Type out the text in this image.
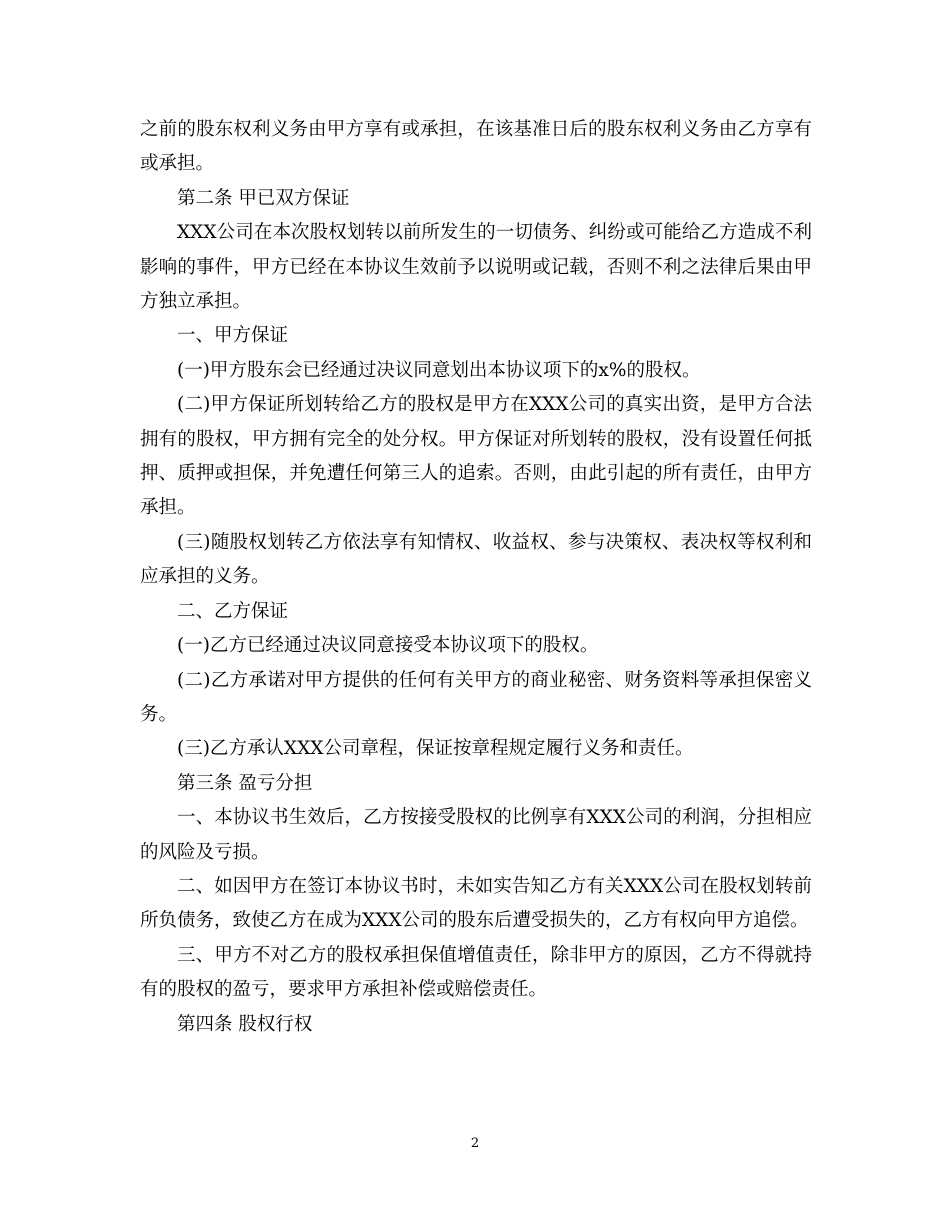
之前的股东权利义务由甲方享有或承担，在该基准日后的股东权利义务由乙方享有或承担。

第二条 甲已双方保证

XXX公司在本次股权划转以前所发生的一切债务、纠纷或可能给乙方造成不利影响的事件，甲方已经在本协议生效前予以说明或记载，否则不利之法律后果由甲方独立承担。

一、甲方保证

(一)甲方股东会已经通过决议同意划出本协议项下的x%的股权。

(二)甲方保证所划转给乙方的股权是甲方在XXX公司的真实出资，是甲方合法拥有的股权，甲方拥有完全的处分权。甲方保证对所划转的股权，没有设置任何抵押、质押或担保，并免遭任何第三人的追索。否则，由此引起的所有责任，由甲方承担。

(三)随股权划转乙方依法享有知情权、收益权、参与决策权、表决权等权利和应承担的义务。

二、乙方保证

(一)乙方已经通过决议同意接受本协议项下的股权。

(二)乙方承诺对甲方提供的任何有关甲方的商业秘密、财务资料等承担保密义务。

(三)乙方承认XXX公司章程，保证按章程规定履行义务和责任。

第三条 盈亏分担

一、本协议书生效后，乙方按接受股权的比例享有XXX公司的利润，分担相应的风险及亏损。

二、如因甲方在签订本协议书时，未如实告知乙方有关XXX公司在股权划转前所负债务，致使乙方在成为XXX公司的股东后遭受损失的，乙方有权向甲方追偿。

三、甲方不对乙方的股权承担保值增值责任，除非甲方的原因，乙方不得就持有的股权的盈亏，要求甲方承担补偿或赔偿责任。

第四条 股权行权

2
